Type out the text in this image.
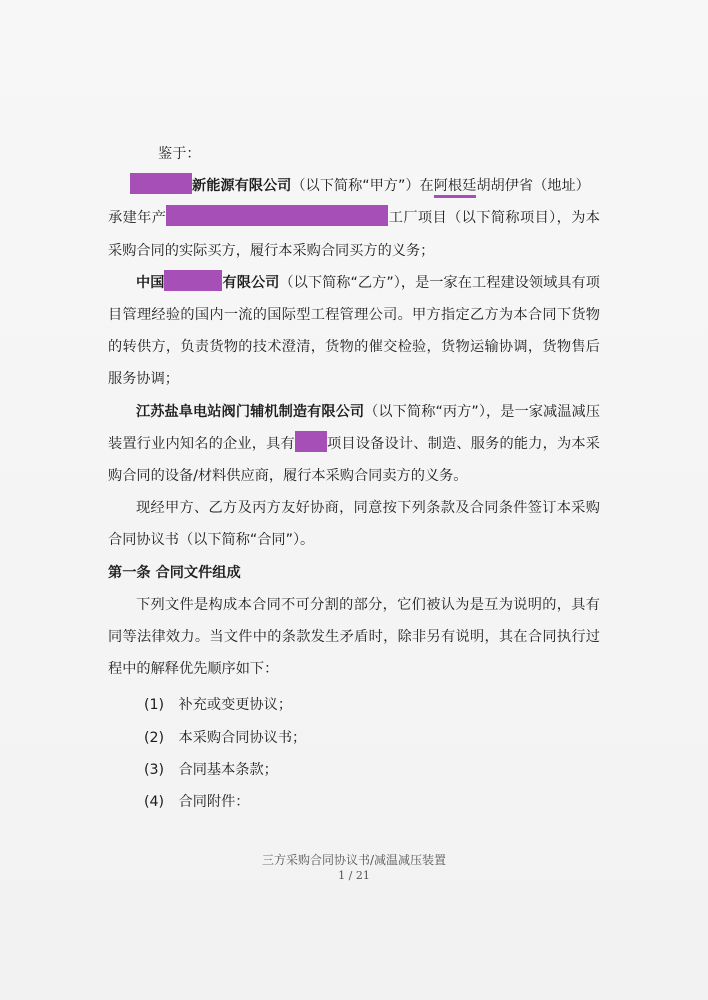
鉴于：

新能源有限公司（以下简称“甲方”）在阿根廷胡胡伊省（地址）
承建年产	工厂项目（以下简称项目），为本采购合同的实际买方，履行本采购合同买方的义务；

中国	有限公司（以下简称“乙方”），是一家在工程建设领域具有项目管理经验的国内一流的国际型工程管理公司。甲方指定乙方为本合同下货物的转供方，负责货物的技术澄清，货物的催交检验，货物运输协调，货物售后服务协调；

江苏盐阜电站阀门辅机制造有限公司（以下简称“丙方”），是一家减温减压装置行业内知名的企业，具有 项目设备设计、制造、服务的能力，为本采购合同的设备/材料供应商，履行本采购合同卖方的义务。

现经甲方、乙方及丙方友好协商，同意按下列条款及合同条件签订本采购合同协议书（以下简称“合同”）。

第一条 合同文件组成

下列文件是构成本合同不可分割的部分，它们被认为是互为说明的，具有同等法律效力。当文件中的条款发生矛盾时，除非另有说明，其在合同执行过程中的解释优先顺序如下：

(1) 补充或变更协议；

(2) 本采购合同协议书；

(3) 合同基本条款；

(4) 合同附件：

三方采购合同协议书/减温减压装置
1 / 21
